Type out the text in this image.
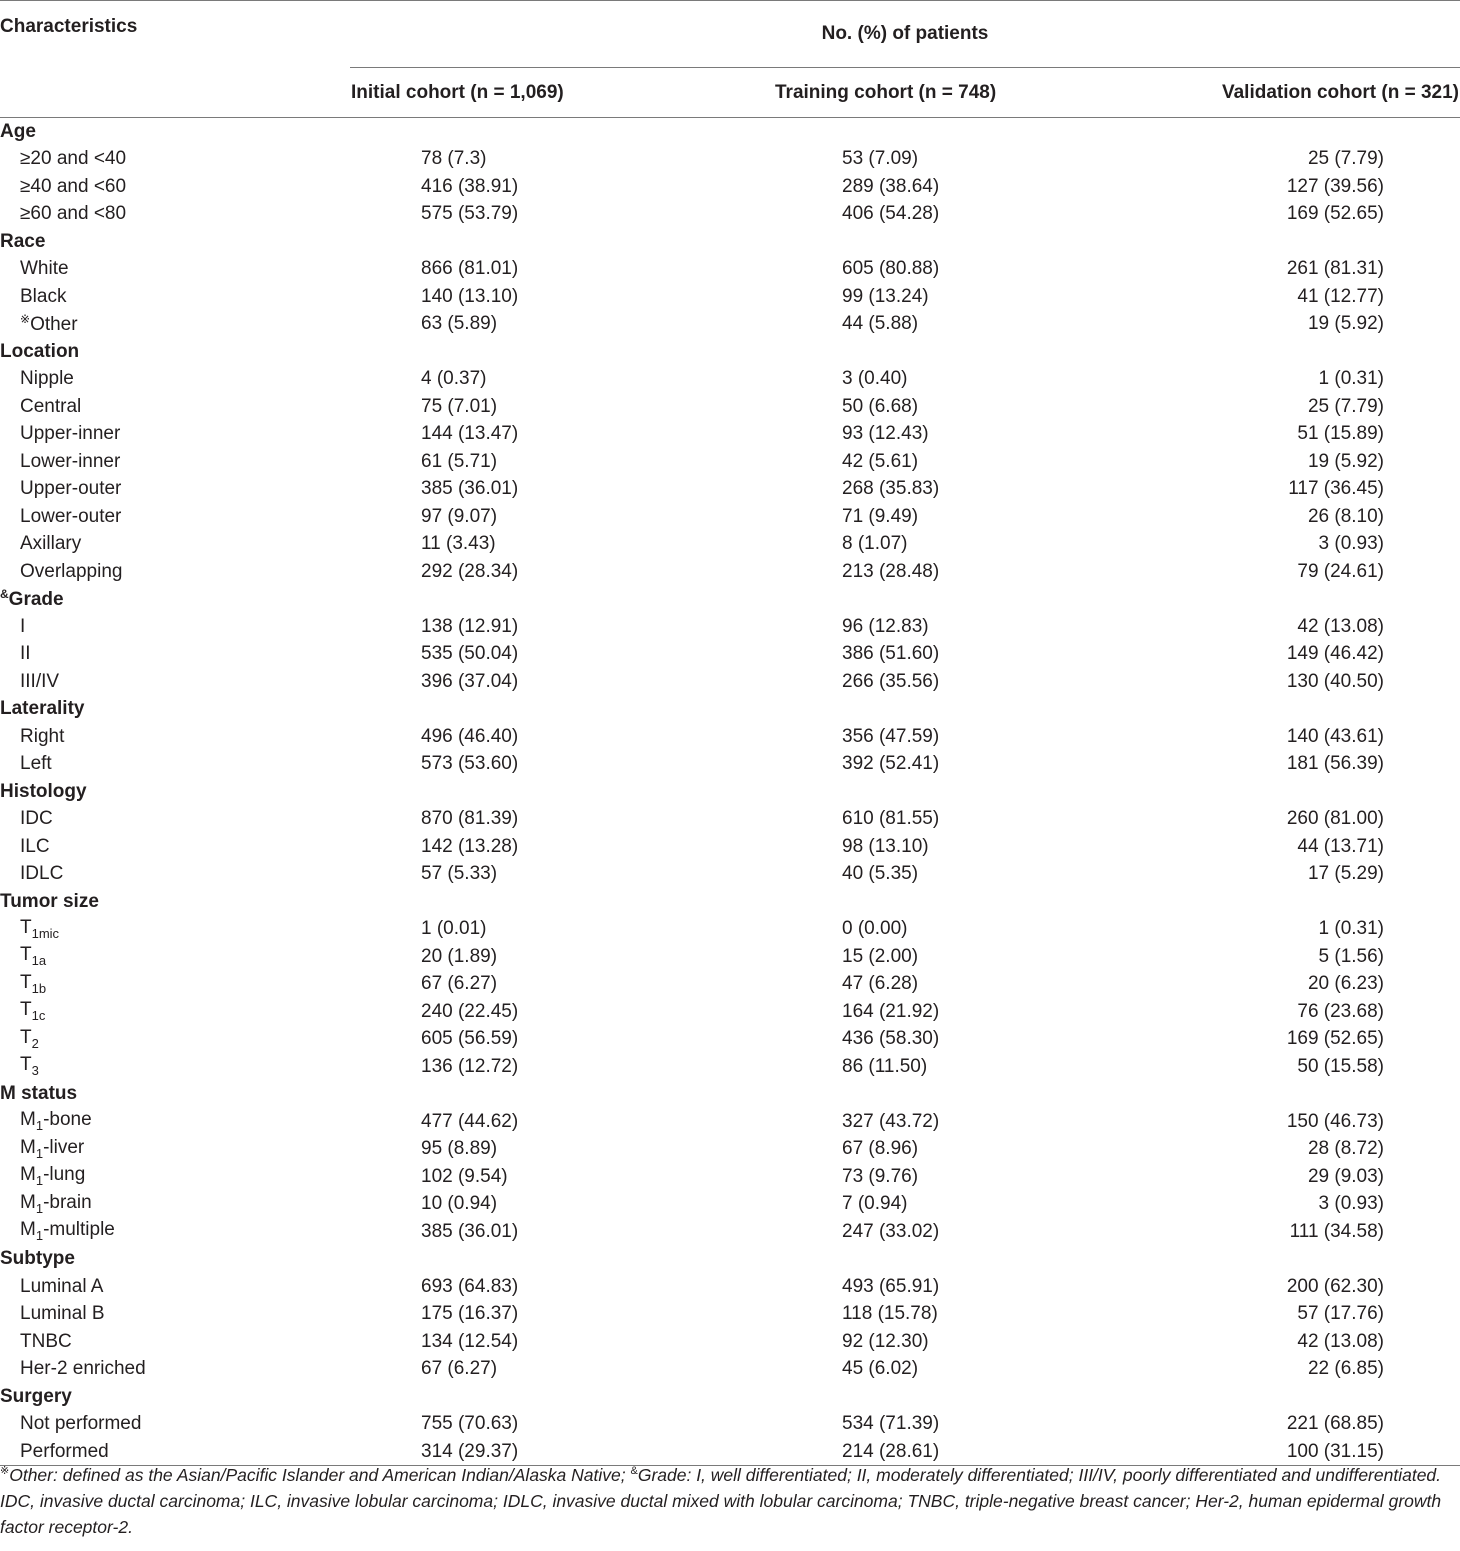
Characteristics	No. (%) of patients		
	Initial cohort (n = 1,069)	Training cohort (n = 748)	Validation cohort (n = 321)
Age			
≥20 and <40	78 (7.3)	53 (7.09)	25 (7.79)
≥40 and <60	416 (38.91)	289 (38.64)	127 (39.56)
≥60 and <80	575 (53.79)	406 (54.28)	169 (52.65)
Race			
White	866 (81.01)	605 (80.88)	261 (81.31)
Black	140 (13.10)	99 (13.24)	41 (12.77)
※Other	63 (5.89)	44 (5.88)	19 (5.92)
Location			
Nipple	4 (0.37)	3 (0.40)	1 (0.31)
Central	75 (7.01)	50 (6.68)	25 (7.79)
Upper-inner	144 (13.47)	93 (12.43)	51 (15.89)
Lower-inner	61 (5.71)	42 (5.61)	19 (5.92)
Upper-outer	385 (36.01)	268 (35.83)	117 (36.45)
Lower-outer	97 (9.07)	71 (9.49)	26 (8.10)
Axillary	11 (3.43)	8 (1.07)	3 (0.93)
Overlapping	292 (28.34)	213 (28.48)	79 (24.61)
&Grade			
I	138 (12.91)	96 (12.83)	42 (13.08)
II	535 (50.04)	386 (51.60)	149 (46.42)
III/IV	396 (37.04)	266 (35.56)	130 (40.50)
Laterality			
Right	496 (46.40)	356 (47.59)	140 (43.61)
Left	573 (53.60)	392 (52.41)	181 (56.39)
Histology			
IDC	870 (81.39)	610 (81.55)	260 (81.00)
ILC	142 (13.28)	98 (13.10)	44 (13.71)
IDLC	57 (5.33)	40 (5.35)	17 (5.29)
Tumor size			
$T_{1mic}$	1 (0.01)	0 (0.00)	1 (0.31)
$T_{1a}$	20 (1.89)	15 (2.00)	5 (1.56)
$T_{1b}$	67 (6.27)	47 (6.28)	20 (6.23)
$T_{1c}$	240 (22.45)	164 (21.92)	76 (23.68)
$T_2$	605 (56.59)	436 (58.30)	169 (52.65)
$T_3$	136 (12.72)	86 (11.50)	50 (15.58)
M status			
$M_1$-bone	477 (44.62)	327 (43.72)	150 (46.73)
$M_1$-liver	95 (8.89)	67 (8.96)	28 (8.72)
$M_1$-lung	102 (9.54)	73 (9.76)	29 (9.03)
$M_1$-brain	10 (0.94)	7 (0.94)	3 (0.93)
$M_1$-multiple	385 (36.01)	247 (33.02)	111 (34.58)
Subtype			
Luminal A	693 (64.83)	493 (65.91)	200 (62.30)
Luminal B	175 (16.37)	118 (15.78)	57 (17.76)
TNBC	134 (12.54)	92 (12.30)	42 (13.08)
Her-2 enriched	67 (6.27)	45 (6.02)	22 (6.85)
Surgery			
Not performed	755 (70.63)	534 (71.39)	221 (68.85)
Performed	314 (29.37)	214 (28.61)	100 (31.15)
※Other: defined as the Asian/Pacific Islander and American Indian/Alaska Native; &Grade: I, well differentiated; II, moderately differentiated; III/IV, poorly differentiated and undifferentiated. IDC, invasive ductal carcinoma; ILC, invasive lobular carcinoma; IDLC, invasive ductal mixed with lobular carcinoma; TNBC, triple-negative breast cancer; Her-2, human epidermal growth factor receptor-2.
